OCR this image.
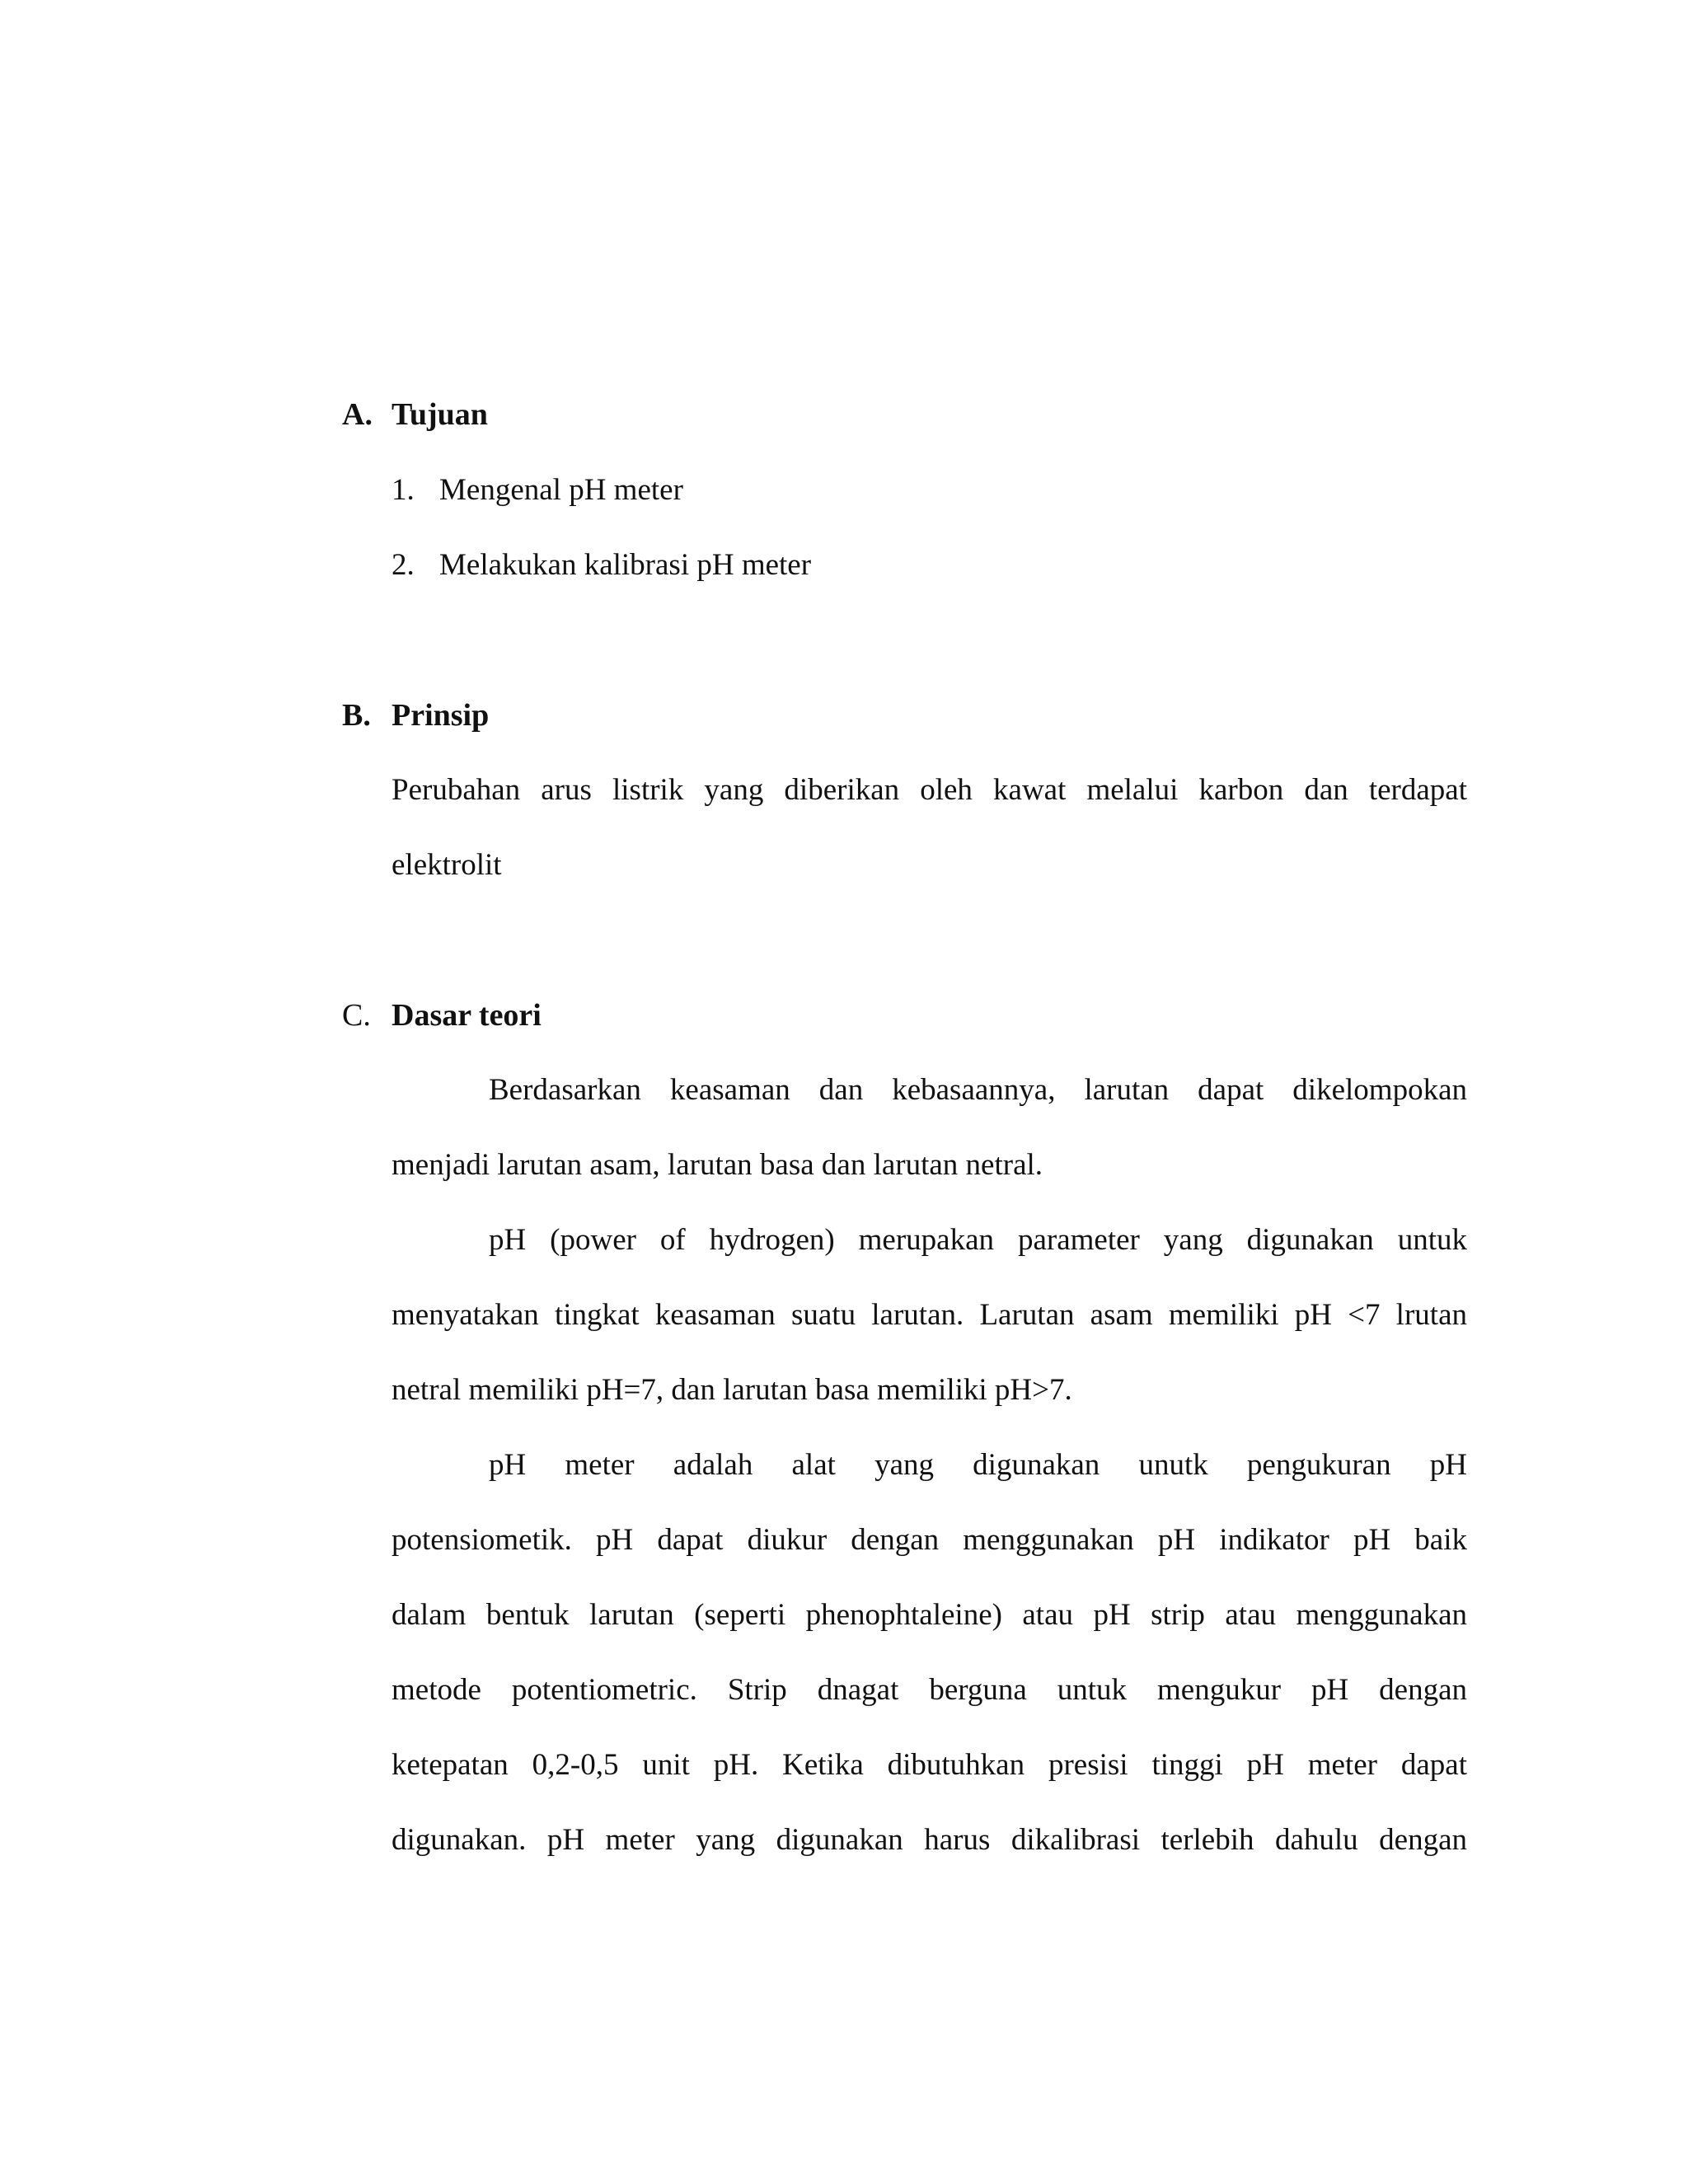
A. Tujuan
1. Mengenal pH meter
2. Melakukan kalibrasi pH meter
B. Prinsip
Perubahan arus listrik yang diberikan oleh kawat melalui karbon dan terdapat
elektrolit
C. Dasar teori
Berdasarkan keasaman dan kebasaannya, larutan dapat dikelompokan
menjadi larutan asam, larutan basa dan larutan netral.
pH (power of hydrogen) merupakan parameter yang digunakan untuk
menyatakan tingkat keasaman suatu larutan. Larutan asam memiliki pH <7 lrutan
netral memiliki pH=7, dan larutan basa memiliki pH>7.
pH meter adalah alat yang digunakan unutk pengukuran pH
potensiometik. pH dapat diukur dengan menggunakan pH indikator pH baik
dalam bentuk larutan (seperti phenophtaleine) atau pH strip atau menggunakan
metode potentiometric. Strip dnagat berguna untuk mengukur pH dengan
ketepatan 0,2-0,5 unit pH. Ketika dibutuhkan presisi tinggi pH meter dapat
digunakan. pH meter yang digunakan harus dikalibrasi terlebih dahulu dengan
